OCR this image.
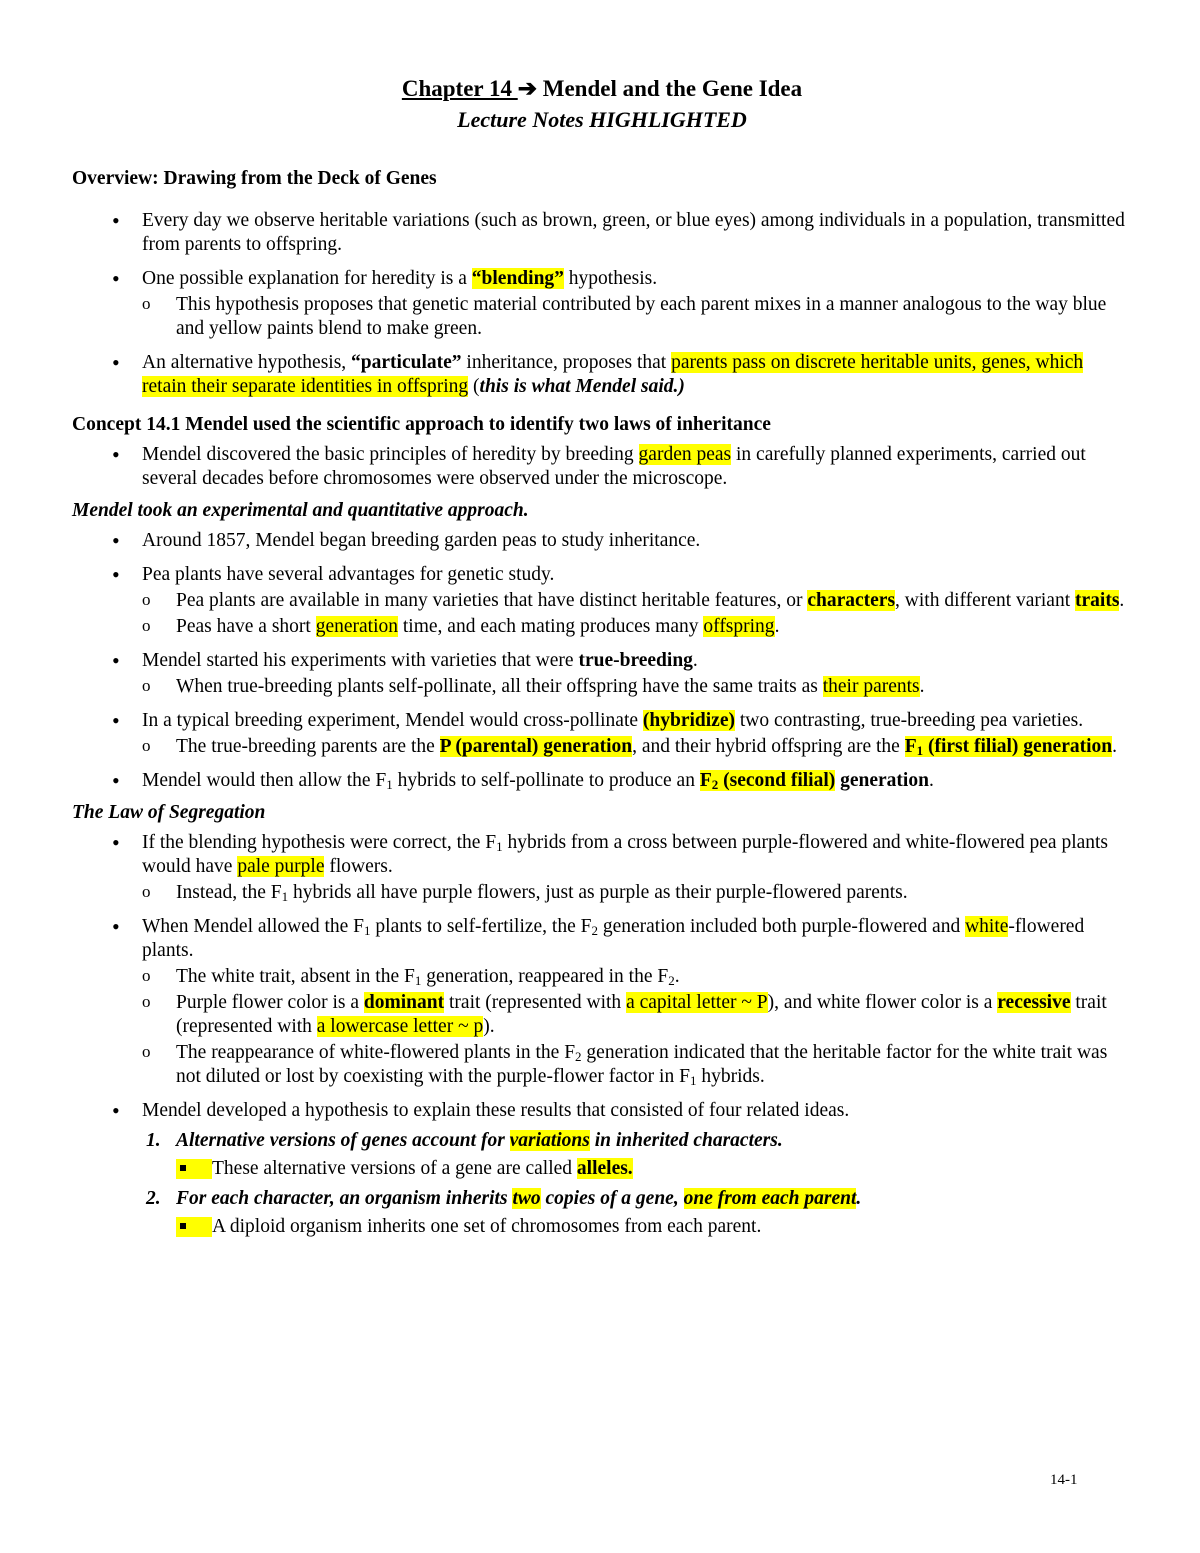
Chapter 14 ➔ Mendel and the Gene Idea
Lecture Notes HIGHLIGHTED
Overview: Drawing from the Deck of Genes
• Every day we observe heritable variations (such as brown, green, or blue eyes) among individuals in a population, transmitted from parents to offspring.
• One possible explanation for heredity is a “blending” hypothesis.
o This hypothesis proposes that genetic material contributed by each parent mixes in a manner analogous to the way blue and yellow paints blend to make green.
• An alternative hypothesis, “particulate” inheritance, proposes that parents pass on discrete heritable units, genes, which retain their separate identities in offspring (this is what Mendel said.)
Concept 14.1 Mendel used the scientific approach to identify two laws of inheritance
• Mendel discovered the basic principles of heredity by breeding garden peas in carefully planned experiments, carried out several decades before chromosomes were observed under the microscope.
Mendel took an experimental and quantitative approach.
• Around 1857, Mendel began breeding garden peas to study inheritance.
• Pea plants have several advantages for genetic study.
o Pea plants are available in many varieties that have distinct heritable features, or characters, with different variant traits.
o Peas have a short generation time, and each mating produces many offspring.
• Mendel started his experiments with varieties that were true-breeding.
o When true-breeding plants self-pollinate, all their offspring have the same traits as their parents.
• In a typical breeding experiment, Mendel would cross-pollinate (hybridize) two contrasting, true-breeding pea varieties.
o The true-breeding parents are the P (parental) generation, and their hybrid offspring are the $F_1$ (first filial) generation.
• Mendel would then allow the $F_1$ hybrids to self-pollinate to produce an $F_2$ (second filial) generation.
The Law of Segregation
• If the blending hypothesis were correct, the $F_1$ hybrids from a cross between purple-flowered and white-flowered pea plants would have pale purple flowers.
o Instead, the $F_1$ hybrids all have purple flowers, just as purple as their purple-flowered parents.
• When Mendel allowed the $F_1$ plants to self-fertilize, the $F_2$ generation included both purple-flowered and white-flowered plants.
o The white trait, absent in the $F_1$ generation, reappeared in the $F_2$.
o Purple flower color is a dominant trait (represented with a capital letter ~ P), and white flower color is a recessive trait (represented with a lowercase letter ~ p).
o The reappearance of white-flowered plants in the $F_2$ generation indicated that the heritable factor for the white trait was not diluted or lost by coexisting with the purple-flower factor in $F_1$ hybrids.
• Mendel developed a hypothesis to explain these results that consisted of four related ideas.
1. Alternative versions of genes account for variations in inherited characters.
These alternative versions of a gene are called alleles.
2. For each character, an organism inherits two copies of a gene, one from each parent.
A diploid organism inherits one set of chromosomes from each parent.
14-1
